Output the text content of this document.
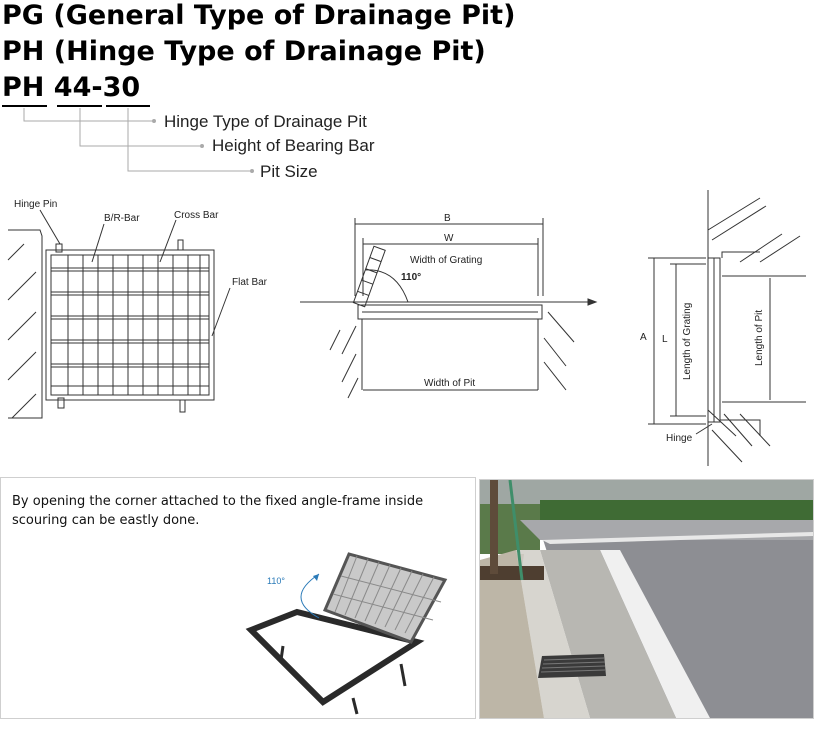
PG (General Type of Drainage Pit)
PH (Hinge Type of Drainage Pit)
PH 44-30
Hinge Type of Drainage Pit
Height of Bearing Bar
Pit Size
Hinge Pin
B/R-Bar	Cross Bar
Flat Bar
B
W
Width of Grating
110°
Width of Pit
A L Length of Grating	Length of Pit
Hinge
By opening the corner attached to the fixed angle-frame inside scouring can be eastly done.
110°
